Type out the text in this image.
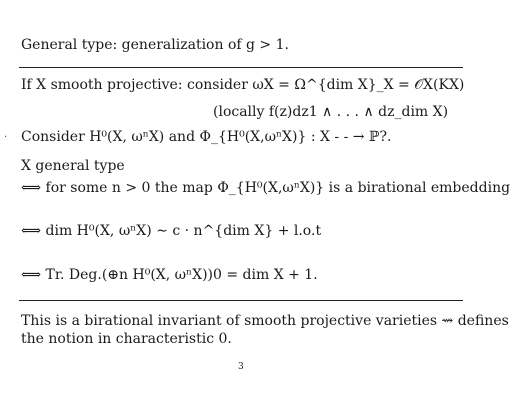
General type: generalization of g > 1.
If X smooth projective: consider ωX = Ω^{dim X}_X = 𝒪X(KX)
(locally f(z)dz1 ∧ . . . ∧ dz_dim X)
· Consider H⁰(X, ωⁿX) and Φ_{H⁰(X,ωⁿX)} : X - - → ℙ?.
X general type
⟺ for some n > 0 the map Φ_{H⁰(X,ωⁿX)} is a birational embedding
⟺ dim H⁰(X, ωⁿX) ∼ c · n^{dim X} + l.o.t
⟺ Tr. Deg.(⊕n H⁰(X, ωⁿX))0 = dim X + 1.
This is a birational invariant of smooth projective varieties ⇝ defines
the notion in characteristic 0.
3
